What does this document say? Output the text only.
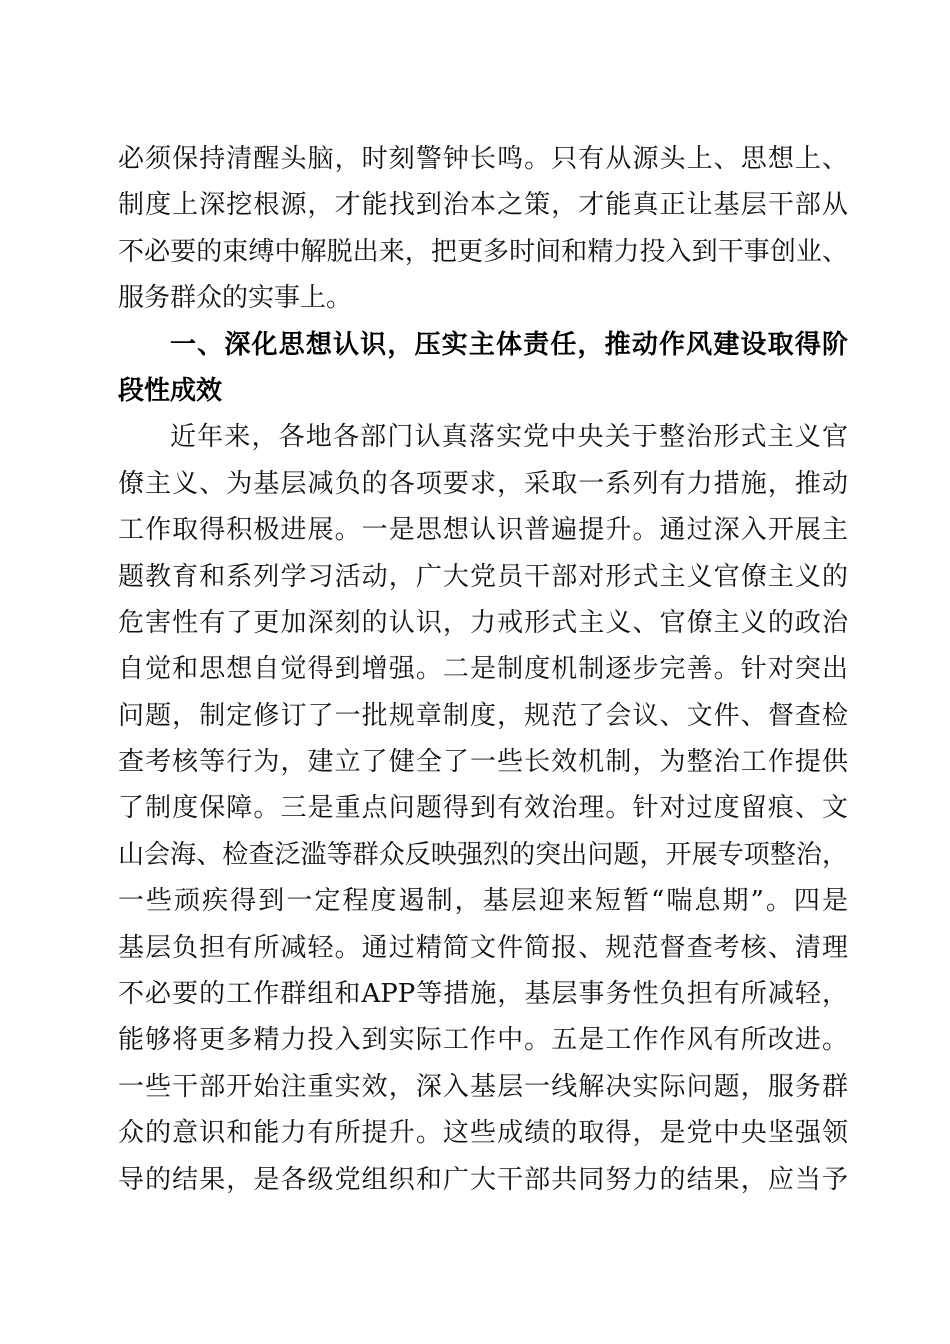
必须保持清醒头脑，时刻警钟长鸣。只有从源头上、思想上、
制度上深挖根源，才能找到治本之策，才能真正让基层干部从
不必要的束缚中解脱出来，把更多时间和精力投入到干事创业、
服务群众的实事上。
一、深化思想认识，压实主体责任，推动作风建设取得阶
段性成效
近年来，各地各部门认真落实党中央关于整治形式主义官
僚主义、为基层减负的各项要求，采取一系列有力措施，推动
工作取得积极进展。一是思想认识普遍提升。通过深入开展主
题教育和系列学习活动，广大党员干部对形式主义官僚主义的
危害性有了更加深刻的认识，力戒形式主义、官僚主义的政治
自觉和思想自觉得到增强。二是制度机制逐步完善。针对突出
问题，制定修订了一批规章制度，规范了会议、文件、督查检
查考核等行为，建立了健全了一些长效机制，为整治工作提供
了制度保障。三是重点问题得到有效治理。针对过度留痕、文
山会海、检查泛滥等群众反映强烈的突出问题，开展专项整治，
一些顽疾得到一定程度遏制，基层迎来短暂“喘息期”。四是
基层负担有所减轻。通过精简文件简报、规范督查考核、清理
不必要的工作群组和APP等措施，基层事务性负担有所减轻，
能够将更多精力投入到实际工作中。五是工作作风有所改进。
一些干部开始注重实效，深入基层一线解决实际问题，服务群
众的意识和能力有所提升。这些成绩的取得，是党中央坚强领
导的结果，是各级党组织和广大干部共同努力的结果，应当予
